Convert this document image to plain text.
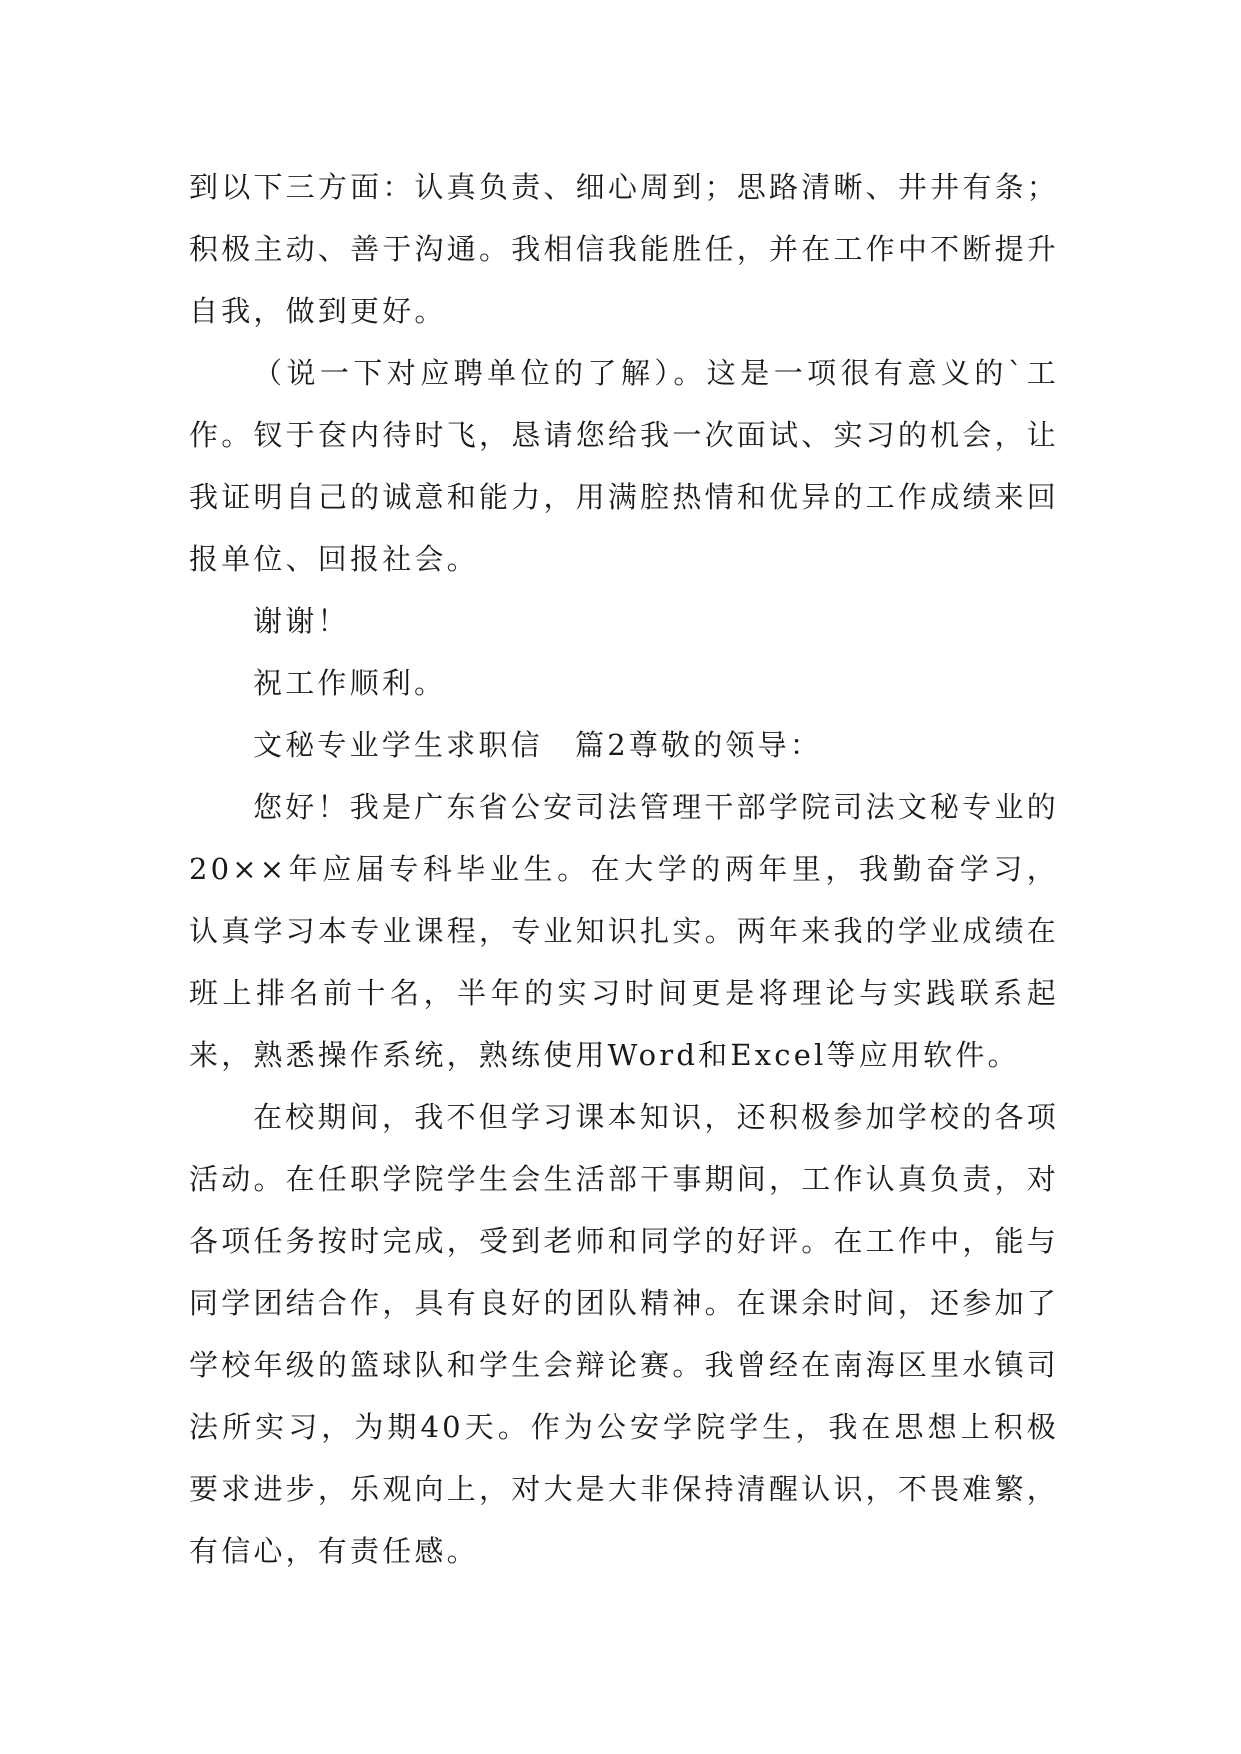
到以下三方面：认真负责、细心周到；思路清晰、井井有条；积极主动、善于沟通。我相信我能胜任，并在工作中不断提升自我，做到更好。

（说一下对应聘单位的了解）。这是一项很有意义的`工作。钗于奁内待时飞，恳请您给我一次面试、实习的机会，让我证明自己的诚意和能力，用满腔热情和优异的工作成绩来回报单位、回报社会。

谢谢！

祝工作顺利。

文秘专业学生求职信　篇2尊敬的领导：

您好！我是广东省公安司法管理干部学院司法文秘专业的20××年应届专科毕业生。在大学的两年里，我勤奋学习，认真学习本专业课程，专业知识扎实。两年来我的学业成绩在班上排名前十名，半年的实习时间更是将理论与实践联系起来，熟悉操作系统，熟练使用Word和Excel等应用软件。

在校期间，我不但学习课本知识，还积极参加学校的各项活动。在任职学院学生会生活部干事期间，工作认真负责，对各项任务按时完成，受到老师和同学的好评。在工作中，能与同学团结合作，具有良好的团队精神。在课余时间，还参加了学校年级的篮球队和学生会辩论赛。我曾经在南海区里水镇司法所实习，为期40天。作为公安学院学生，我在思想上积极要求进步，乐观向上，对大是大非保持清醒认识，不畏难繁，有信心，有责任感。
